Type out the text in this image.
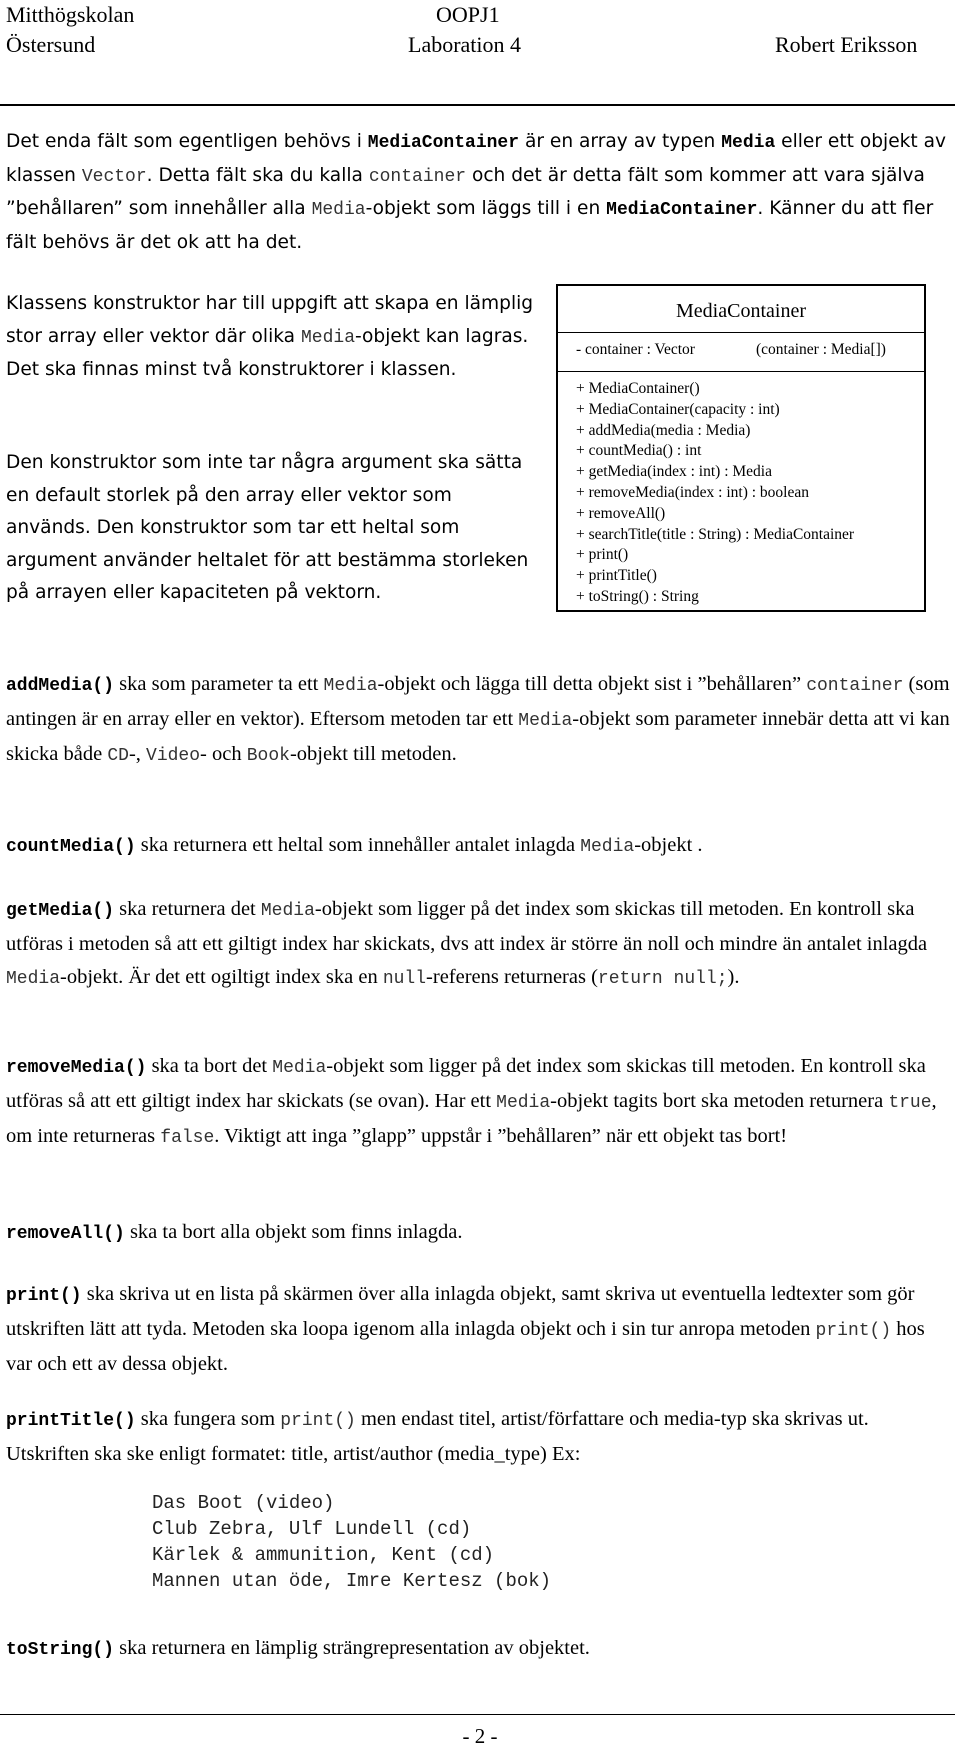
Mitthögskolan
Östersund
OOPJ1
Laboration 4	Robert Eriksson

Det enda fält som egentligen behövs i MediaContainer är en array av typen Media eller ett objekt av klassen Vector. Detta fält ska du kalla container och det är detta fält som kommer att vara själva ”behållaren” som innehåller alla Media-objekt som läggs till i en MediaContainer. Känner du att fler fält behövs är det ok att ha det.

Klassens konstruktor har till uppgift att skapa en lämplig stor array eller vektor där olika Media-objekt kan lagras. Det ska finnas minst två konstruktorer i klassen.

Den konstruktor som inte tar några argument ska sätta en default storlek på den array eller vektor som används. Den konstruktor som tar ett heltal som argument använder heltalet för att bestämma storleken på arrayen eller kapaciteten på vektorn.

MediaContainer
- container : Vector	(container : Media[])
+ MediaContainer()
+ MediaContainer(capacity : int)
+ addMedia(media : Media)
+ countMedia() : int
+ getMedia(index : int) : Media
+ removeMedia(index : int) : boolean
+ removeAll()
+ searchTitle(title : String) : MediaContainer
+ print()
+ printTitle()
+ toString() : String

addMedia() ska som parameter ta ett Media-objekt och lägga till detta objekt sist i ”behållaren” container (som antingen är en array eller en vektor). Eftersom metoden tar ett Media-objekt som parameter innebär detta att vi kan skicka både CD-, Video- och Book-objekt till metoden.

countMedia() ska returnera ett heltal som innehåller antalet inlagda Media-objekt .

getMedia() ska returnera det Media-objekt som ligger på det index som skickas till metoden. En kontroll ska utföras i metoden så att ett giltigt index har skickats, dvs att index är större än noll och mindre än antalet inlagda Media-objekt. Är det ett ogiltigt index ska en null-referens returneras (return null;).

removeMedia() ska ta bort det Media-objekt som ligger på det index som skickas till metoden. En kontroll ska utföras så att ett giltigt index har skickats (se ovan). Har ett Media-objekt tagits bort ska metoden returnera true, om inte returneras false. Viktigt att inga ”glapp” uppstår i ”behållaren” när ett objekt tas bort!

removeAll() ska ta bort alla objekt som finns inlagda.

print() ska skriva ut en lista på skärmen över alla inlagda objekt, samt skriva ut eventuella ledtexter som gör utskriften lätt att tyda. Metoden ska loopa igenom alla inlagda objekt och i sin tur anropa metoden print() hos var och ett av dessa objekt.

printTitle() ska fungera som print() men endast titel, artist/författare och media-typ ska skrivas ut. Utskriften ska ske enligt formatet: title, artist/author (media_type) Ex:

Das Boot (video)
Club Zebra, Ulf Lundell (cd)
Kärlek & ammunition, Kent (cd)
Mannen utan öde, Imre Kertesz (bok)

toString() ska returnera en lämplig strängrepresentation av objektet.

- 2 -
